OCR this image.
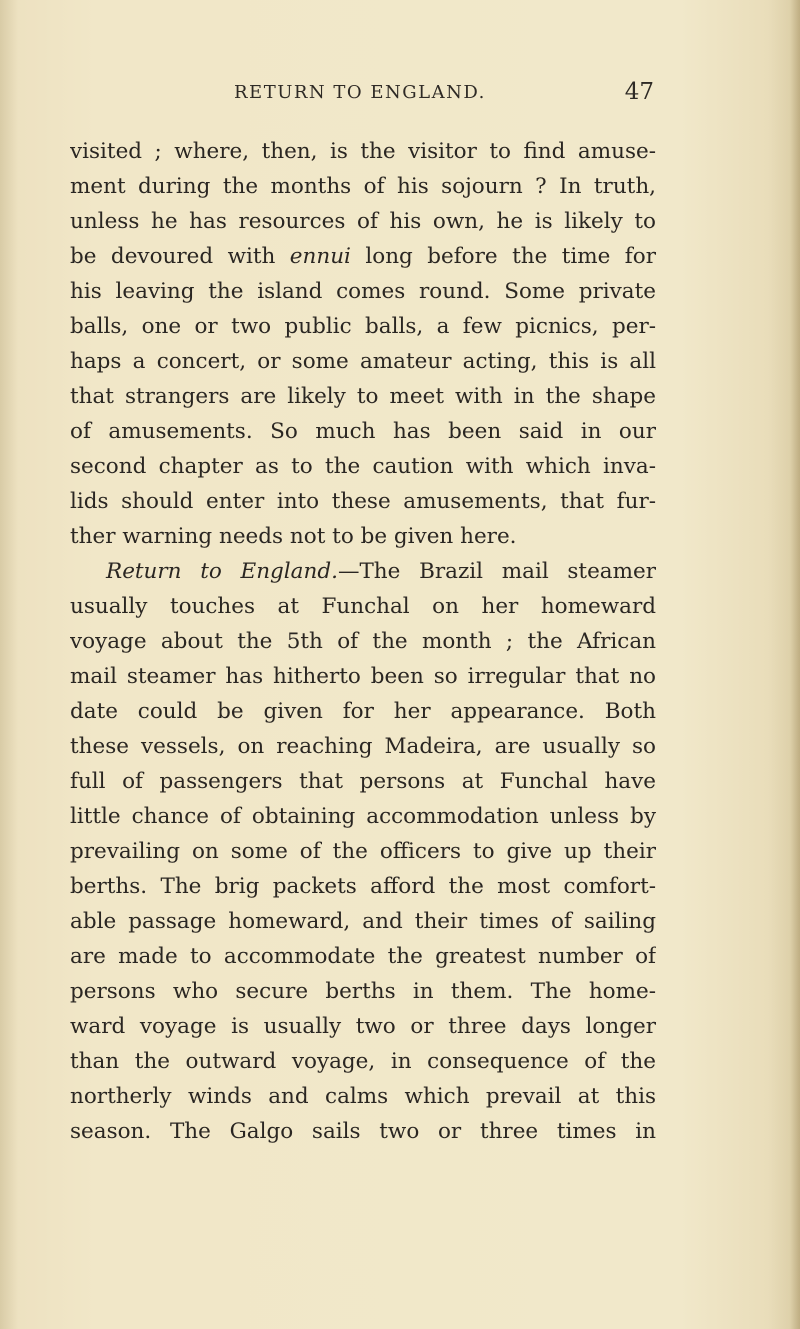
RETURN TO ENGLAND.	47
visited ; where, then, is the visitor to find amuse-
ment during the months of his sojourn ? In truth,
unless he has resources of his own, he is likely to
be devoured with ennui long before the time for
his leaving the island comes round. Some private
balls, one or two public balls, a few picnics, per-
haps a concert, or some amateur acting, this is all
that strangers are likely to meet with in the shape
of amusements. So much has been said in our
second chapter as to the caution with which inva-
lids should enter into these amusements, that fur-
ther warning needs not to be given here.
Return to England.—The Brazil mail steamer
usually touches at Funchal on her homeward
voyage about the 5th of the month ; the African
mail steamer has hitherto been so irregular that no
date could be given for her appearance. Both
these vessels, on reaching Madeira, are usually so
full of passengers that persons at Funchal have
little chance of obtaining accommodation unless by
prevailing on some of the officers to give up their
berths. The brig packets afford the most comfort-
able passage homeward, and their times of sailing
are made to accommodate the greatest number of
persons who secure berths in them. The home-
ward voyage is usually two or three days longer
than the outward voyage, in consequence of the
northerly winds and calms which prevail at this
season. The Galgo sails two or three times in
